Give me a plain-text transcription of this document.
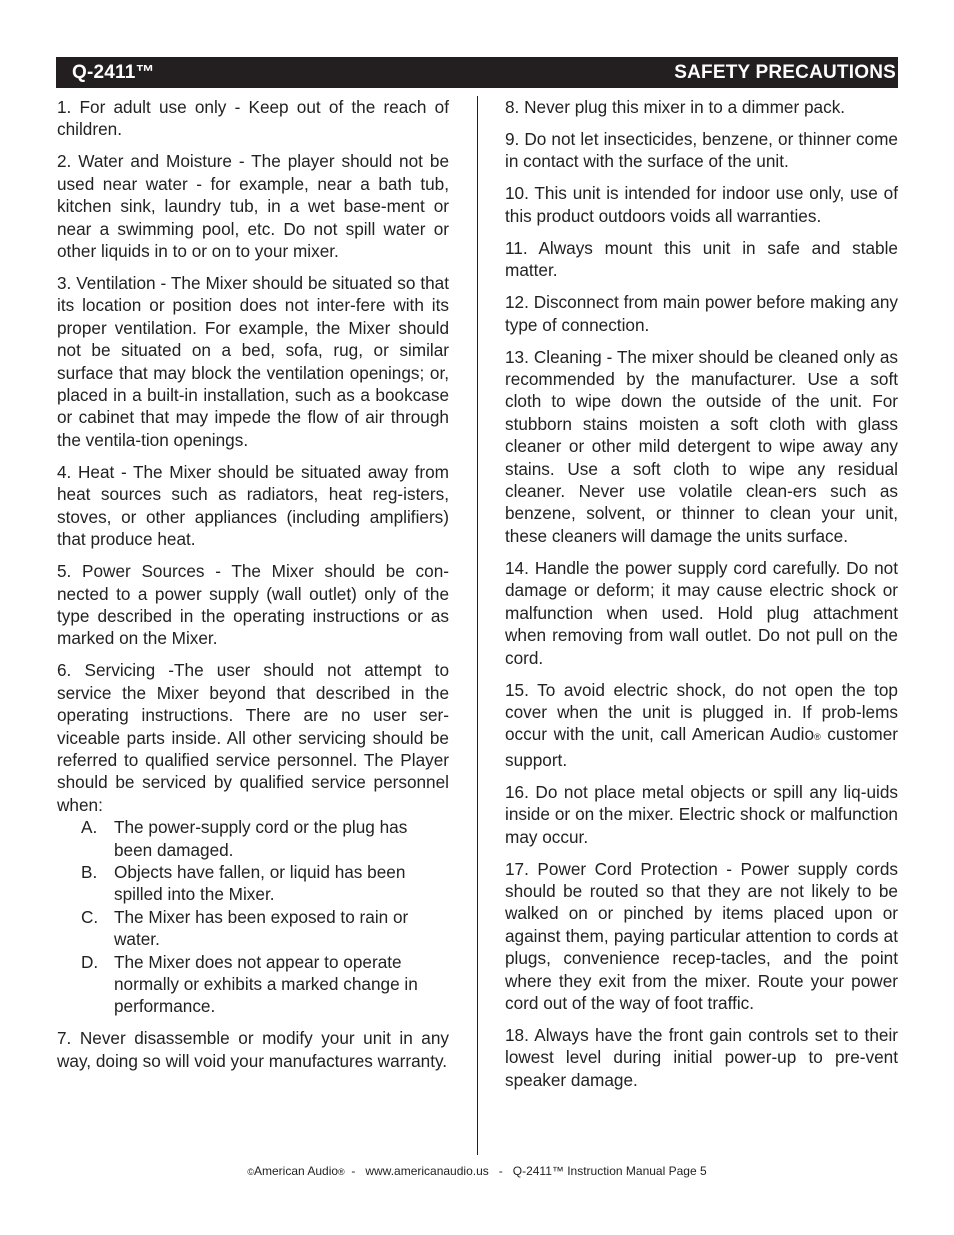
Q-2411™	SAFETY PRECAUTIONS

1. For adult use only - Keep out of the reach of children.

2. Water and Moisture - The player should not be used near water - for example, near a bath tub, kitchen sink, laundry tub, in a wet base-ment or near a swimming pool, etc. Do not spill water or other liquids in to or on to your mixer.

3. Ventilation - The Mixer should be situated so that its location or position does not inter-fere with its proper ventilation. For example, the Mixer should not be situated on a bed, sofa, rug, or similar surface that may block the ventilation openings; or, placed in a built-in installation, such as a bookcase or cabinet that may impede the flow of air through the ventila-tion openings.

4. Heat - The Mixer should be situated away from heat sources such as radiators, heat reg-isters, stoves, or other appliances (including amplifiers) that produce heat.

5. Power Sources - The Mixer should be con-nected to a power supply (wall outlet) only of the type described in the operating instructions or as marked on the Mixer.

6. Servicing -The user should not attempt to service the Mixer beyond that described in the operating instructions. There are no user ser-viceable parts inside. All other servicing should be referred to qualified service personnel. The Player should be serviced by qualified service personnel when:
A. The power-supply cord or the plug has been damaged.
B. Objects have fallen, or liquid has been spilled into the Mixer.
C. The Mixer has been exposed to rain or water.
D. The Mixer does not appear to operate normally or exhibits a marked change in performance.

7. Never disassemble or modify your unit in any way, doing so will void your manufactures warranty.

8. Never plug this mixer in to a dimmer pack.

9. Do not let insecticides, benzene, or thinner come in contact with the surface of the unit.

10. This unit is intended for indoor use only, use of this product outdoors voids all warranties.

11. Always mount this unit in safe and stable matter.

12. Disconnect from main power before making any type of connection.

13. Cleaning - The mixer should be cleaned only as recommended by the manufacturer. Use a soft cloth to wipe down the outside of the unit. For stubborn stains moisten a soft cloth with glass cleaner or other mild detergent to wipe away any stains. Use a soft cloth to wipe any residual cleaner. Never use volatile clean-ers such as benzene, solvent, or thinner to clean your unit, these cleaners will damage the units surface.

14. Handle the power supply cord carefully. Do not damage or deform; it may cause electric shock or malfunction when used. Hold plug attachment when removing from wall outlet. Do not pull on the cord.

15. To avoid electric shock, do not open the top cover when the unit is plugged in. If prob-lems occur with the unit, call American Audio® customer support.

16. Do not place metal objects or spill any liq-uids inside or on the mixer. Electric shock or malfunction may occur.

17. Power Cord Protection - Power supply cords should be routed so that they are not likely to be walked on or pinched by items placed upon or against them, paying particular attention to cords at plugs, convenience recep-tacles, and the point where they exit from the mixer. Route your power cord out of the way of foot traffic.

18. Always have the front gain controls set to their lowest level during initial power-up to pre-vent speaker damage.

©American Audio®  -   www.americanaudio.us   -   Q-2411™ Instruction Manual Page 5
